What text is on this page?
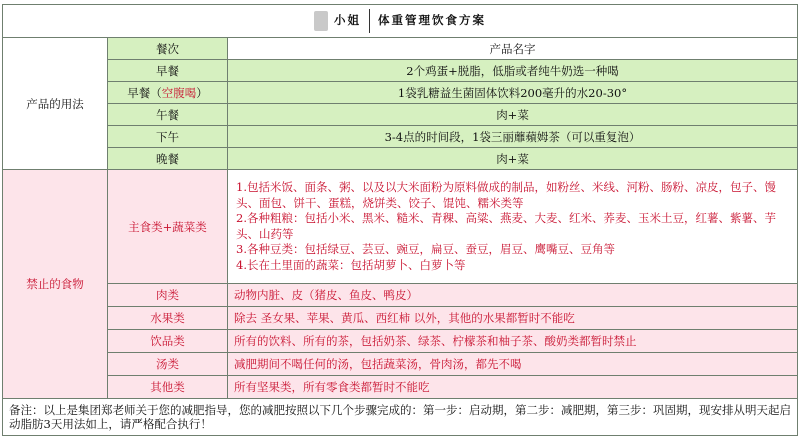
小姐 体重管理饮食方案		
产品的用法	餐次	产品名字
	早餐	2个鸡蛋+脱脂，低脂或者纯牛奶选一种喝
	早餐（空腹喝）	1袋乳糖益生菌固体饮料200毫升的水20-30°
	午餐	肉+菜
	下午	3-4点的时间段，1袋三丽蘼蘋姆茶（可以重复泡）
	晚餐	肉+菜
禁止的食物	主食类+蔬菜类	1.包括米饭、面条、粥、以及以大米面粉为原料做成的制品，如粉丝、米线、河粉、肠粉、凉皮，包子、馒头、面包、饼干、蛋糕，烧饼类、饺子、馄饨、糯米类等
2.各种粗粮：包括小米、黑米、糙米、青稞、高粱、燕麦、大麦、红米、荞麦、玉米土豆，红薯、紫薯、芋头、山药等
3.各种豆类：包括绿豆、芸豆、豌豆，扁豆、蚕豆，眉豆、鹰嘴豆、豆角等
4.长在土里面的蔬菜：包括胡萝卜、白萝卜等

	肉类	动物内脏、皮（猪皮、鱼皮、鸭皮）
	水果类	除去 圣女果、苹果、黄瓜、西红柿 以外，其他的水果都暂时不能吃
	饮品类	所有的饮料、所有的茶，包括奶茶、绿茶、柠檬茶和柚子茶、酸奶类都暂时禁止
	汤类	减肥期间不喝任何的汤，包括蔬菜汤，骨肉汤，都先不喝
	其他类	所有坚果类，所有零食类都暂时不能吃
备注：以上是集团郑老师关于您的减肥指导，您的减肥按照以下几个步骤完成的：第一步：启动期，第二步：减肥期，第三步：巩固期，现安排从明天起启动脂肪3天用法如上，请严格配合执行！		
